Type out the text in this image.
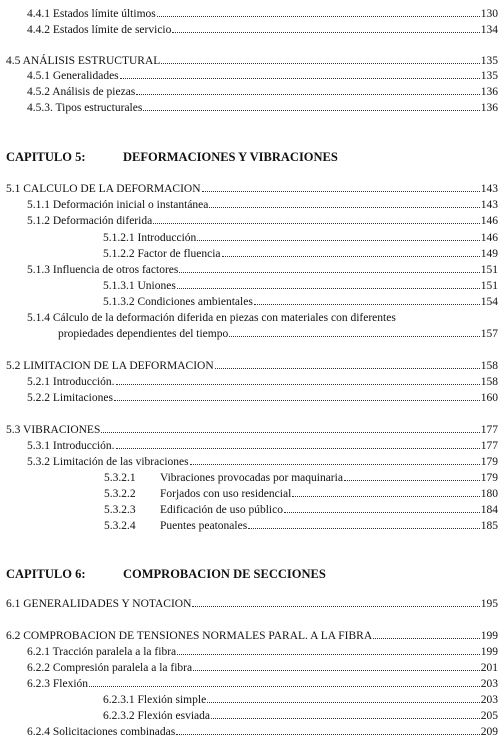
4.4.1 Estados límite últimos	130
4.4.2 Estados límite de servicio	134
4.5 ANÁLISIS ESTRUCTURAL	135
4.5.1 Generalidades	135
4.5.2 Análisis de piezas	136
4.5.3. Tipos estructurales	136
CAPITULO 5:	DEFORMACIONES Y VIBRACIONES
5.1 CALCULO DE LA DEFORMACION	143
5.1.1 Deformación inicial o instantánea	143
5.1.2 Deformación diferida	146
5.1.2.1 Introducción	146
5.1.2.2 Factor de fluencia	149
5.1.3 Influencia de otros factores	151
5.1.3.1 Uniones	151
5.1.3.2 Condiciones ambientales	154
5.1.4 Cálculo de la deformación diferida en piezas con materiales con diferentes
propiedades dependientes del tiempo	157
5.2 LIMITACION DE LA DEFORMACION	158
5.2.1 Introducción.	158
5.2.2 Limitaciones	160
5.3 VIBRACIONES	177
5.3.1 Introducción.	177
5.3.2 Limitación de las vibraciones	179
5.3.2.1 Vibraciones provocadas por maquinaria	179
5.3.2.2 Forjados con uso residencial	180
5.3.2.3 Edificación de uso público	184
5.3.2.4 Puentes peatonales	185
CAPITULO 6:	COMPROBACION DE SECCIONES
6.1 GENERALIDADES Y NOTACION	195
6.2 COMPROBACION DE TENSIONES NORMALES PARAL. A LA FIBRA	199
6.2.1 Tracción paralela a la fibra	199
6.2.2 Compresión paralela a la fibra	201
6.2.3 Flexión	203
6.2.3.1 Flexión simple	203
6.2.3.2 Flexión esviada	205
6.2.4 Solicitaciones combinadas	209
